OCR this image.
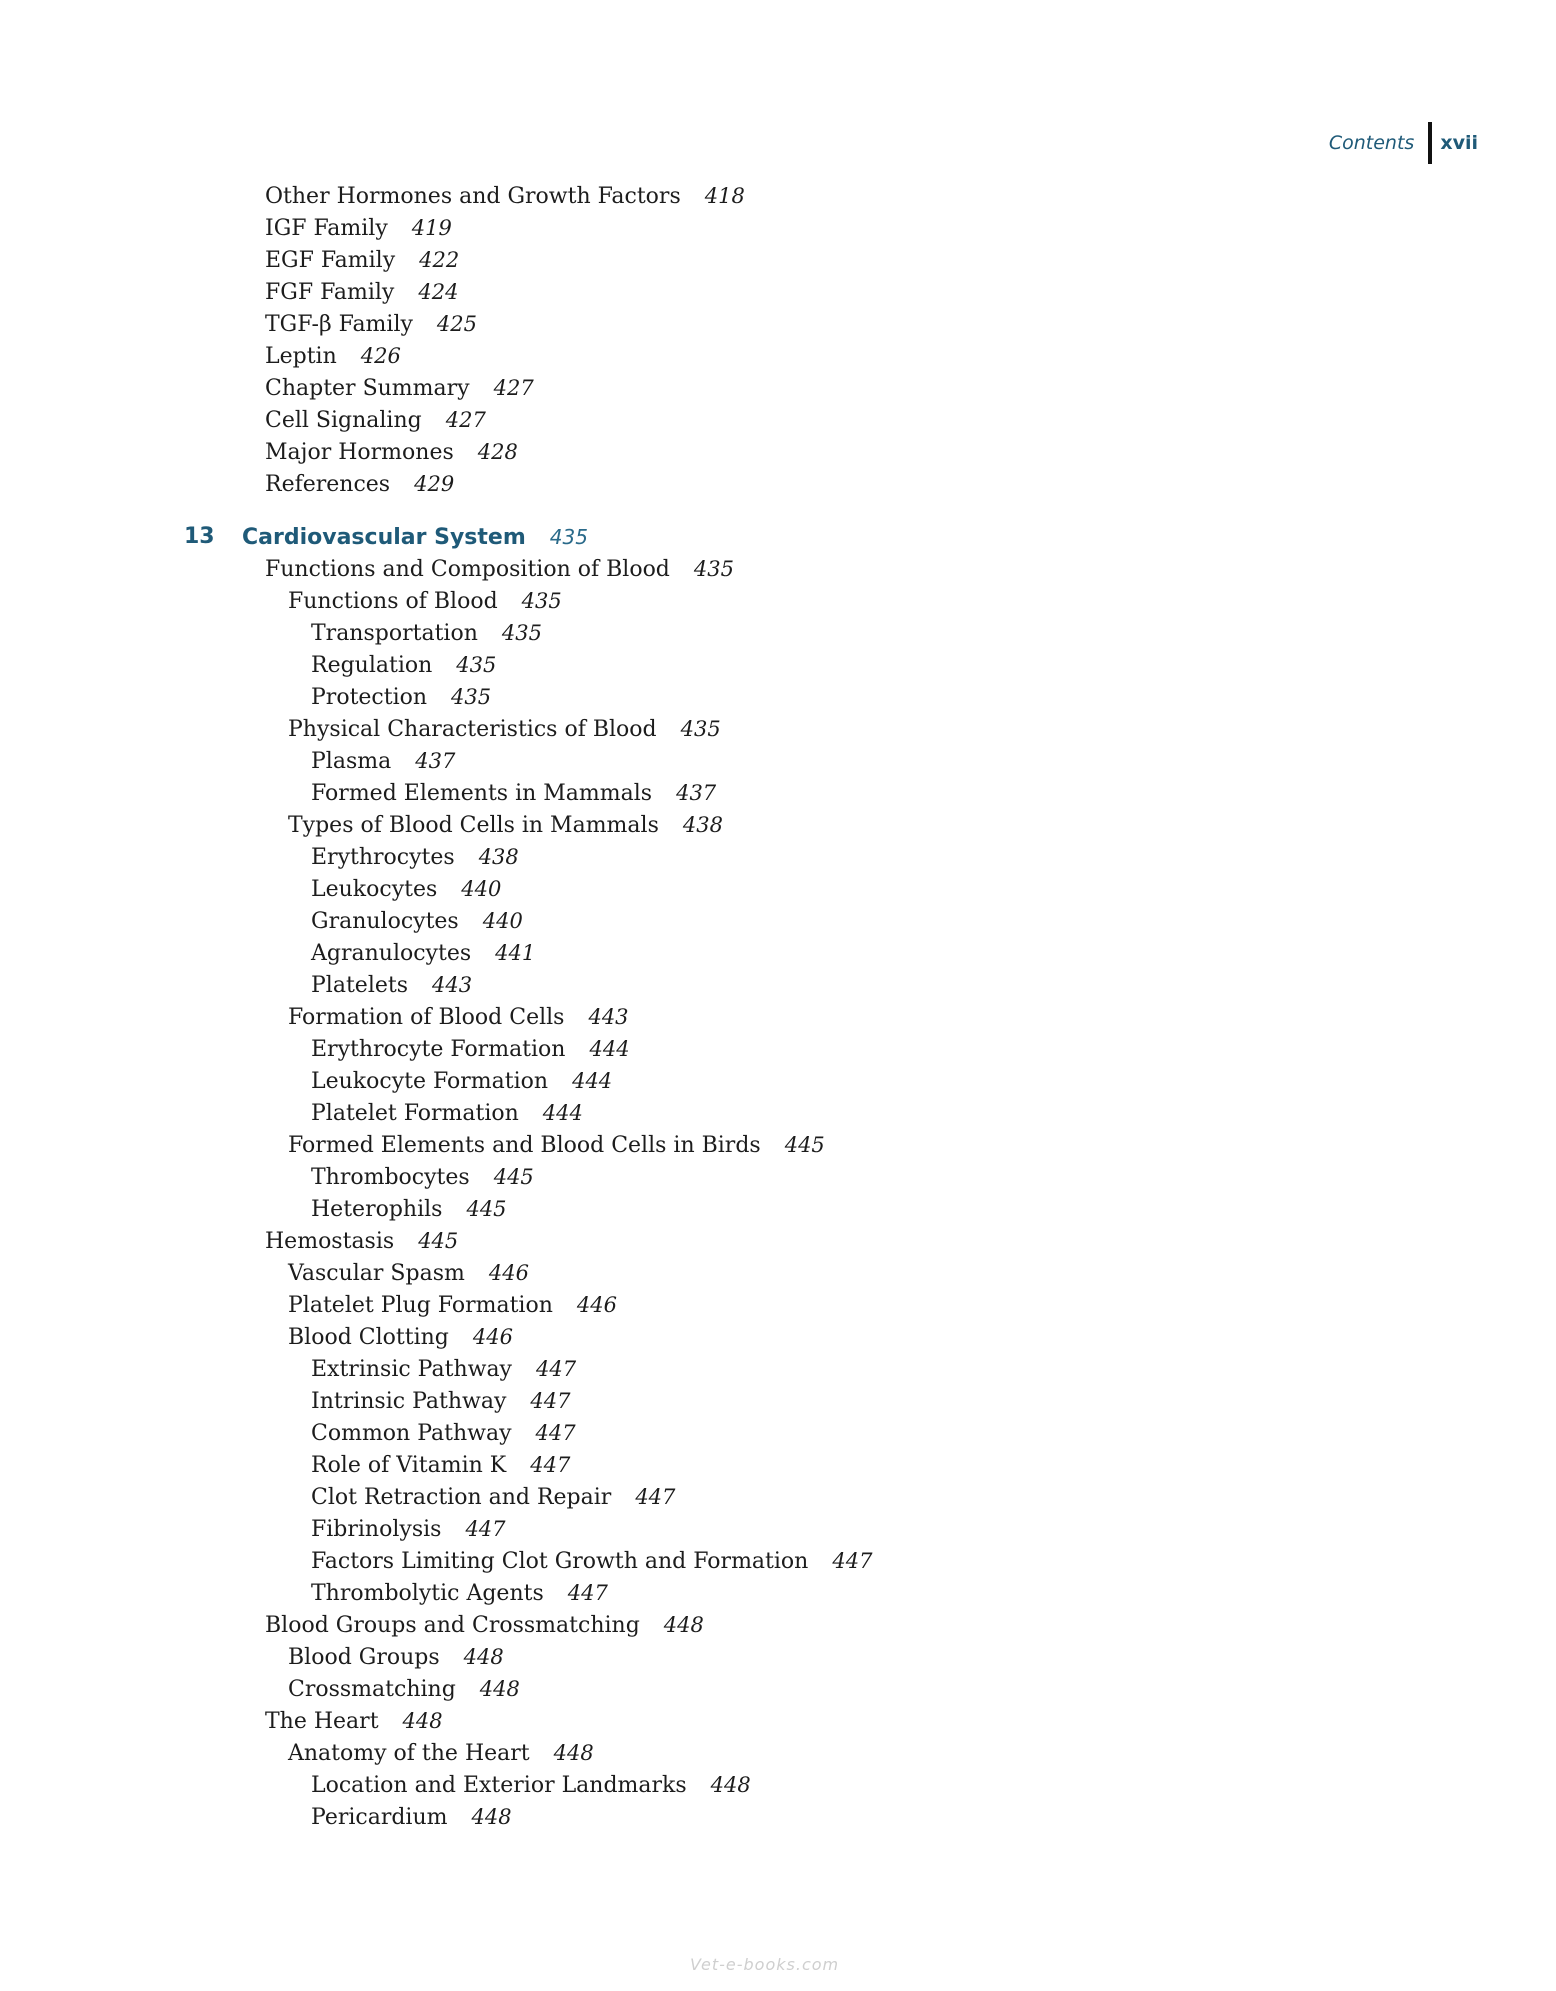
Contents	xvii
Other Hormones and Growth Factors 418
IGF Family 419
EGF Family 422
FGF Family 424
TGF-β Family 425
Leptin 426
Chapter Summary 427
Cell Signaling 427
Major Hormones 428
References 429
13 Cardiovascular System 435
Functions and Composition of Blood 435
Functions of Blood 435
Transportation 435
Regulation 435
Protection 435
Physical Characteristics of Blood 435
Plasma 437
Formed Elements in Mammals 437
Types of Blood Cells in Mammals 438
Erythrocytes 438
Leukocytes 440
Granulocytes 440
Agranulocytes 441
Platelets 443
Formation of Blood Cells 443
Erythrocyte Formation 444
Leukocyte Formation 444
Platelet Formation 444
Formed Elements and Blood Cells in Birds 445
Thrombocytes 445
Heterophils 445
Hemostasis 445
Vascular Spasm 446
Platelet Plug Formation 446
Blood Clotting 446
Extrinsic Pathway 447
Intrinsic Pathway 447
Common Pathway 447
Role of Vitamin K 447
Clot Retraction and Repair 447
Fibrinolysis 447
Factors Limiting Clot Growth and Formation 447
Thrombolytic Agents 447
Blood Groups and Crossmatching 448
Blood Groups 448
Crossmatching 448
The Heart 448
Anatomy of the Heart 448
Location and Exterior Landmarks 448
Pericardium 448
Vet-e-books.com
